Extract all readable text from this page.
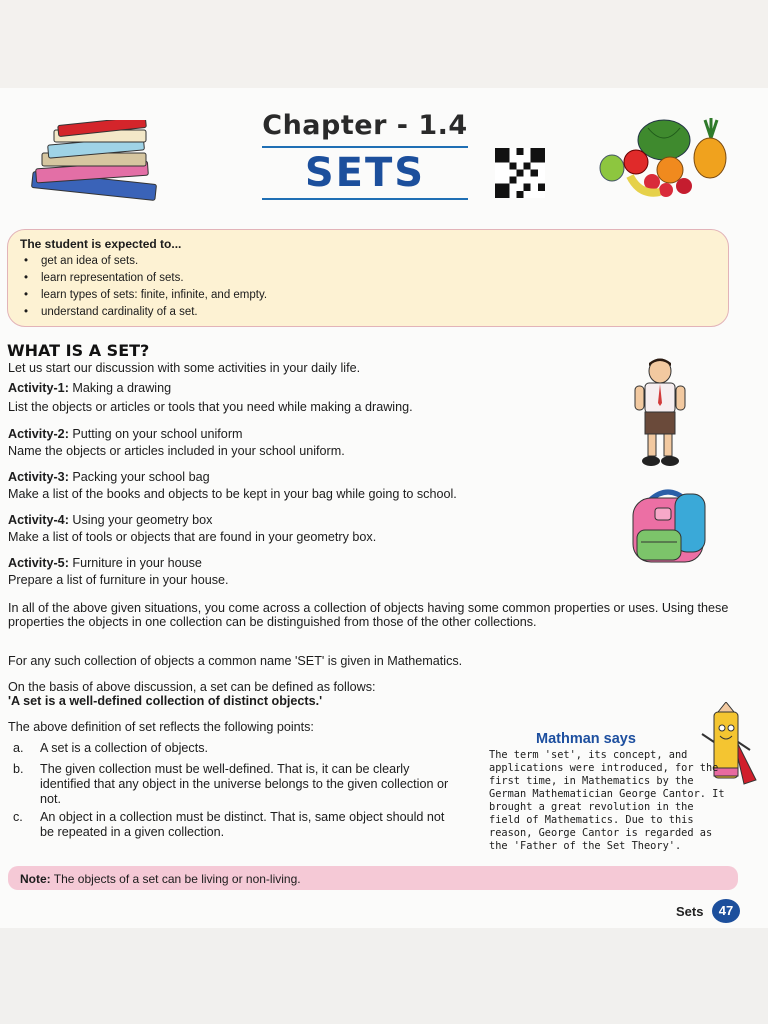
Chapter - 1.4
SETS
The student is expected to...
• get an idea of sets.
• learn representation of sets.
• learn types of sets: finite, infinite, and empty.
• understand cardinality of a set.
WHAT IS A SET?
Let us start our discussion with some activities in your daily life.
Activity-1: Making a drawing
List the objects or articles or tools that you need while making a drawing.
Activity-2: Putting on your school uniform
Name the objects or articles included in your school uniform.
Activity-3: Packing your school bag
Make a list of the books and objects to be kept in your bag while going to school.
Activity-4: Using your geometry box
Make a list of tools or objects that are found in your geometry box.
Activity-5: Furniture in your house
Prepare a list of furniture in your house.
In all of the above given situations, you come across a collection of objects having some common properties or uses. Using these properties the objects in one collection can be distinguished from those of the other collections.
For any such collection of objects a common name 'SET' is given in Mathematics.
On the basis of above discussion, a set can be defined as follows:
'A set is a well-defined collection of distinct objects.'
The above definition of set reflects the following points:
a. A set is a collection of objects.
b. The given collection must be well-defined. That is, it can be clearly identified that any object in the universe belongs to the given collection or not.
c. An object in a collection must be distinct. That is, same object should not be repeated in a given collection.
Mathman says
The term 'set', its concept, and applications were introduced, for the first time, in Mathematics by the German Mathematician George Cantor. It brought a great revolution in the field of Mathematics. Due to this reason, George Cantor is regarded as the 'Father of the Set Theory'.
Note: The objects of a set can be living or non-living.
Sets	47
